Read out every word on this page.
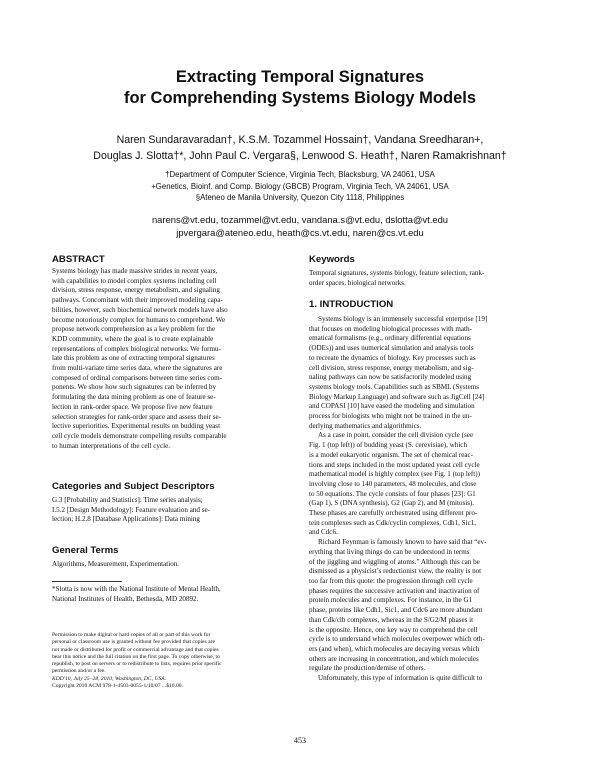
Extracting Temporal Signatures
for Comprehending Systems Biology Models
Naren Sundaravaradan†, K.S.M. Tozammel Hossain†, Vandana Sreedharan+,
Douglas J. Slotta†*, John Paul C. Vergara§, Lenwood S. Heath†, Naren Ramakrishnan†
†Department of Computer Science, Virginia Tech, Blacksburg, VA 24061, USA
+Genetics, Bioinf. and Comp. Biology (GBCB) Program, Virginia Tech, VA 24061, USA
§Ateneo de Manila University, Quezon City 1118, Philippines
narens@vt.edu, tozammel@vt.edu, vandana.s@vt.edu, dslotta@vt.edu
jpvergara@ateneo.edu, heath@cs.vt.edu, naren@cs.vt.edu
ABSTRACT
Systems biology has made massive strides in recent years,
with capabilities to model complex systems including cell
division, stress response, energy metabolism, and signaling
pathways. Concomitant with their improved modeling capa-
bilities, however, such biochemical network models have also
become notoriously complex for humans to comprehend. We
propose network comprehension as a key problem for the
KDD community, where the goal is to create explainable
representations of complex biological networks. We formu-
late this problem as one of extracting temporal signatures
from multi-variate time series data, where the signatures are
composed of ordinal comparisons between time series com-
ponents. We show how such signatures can be inferred by
formulating the data mining problem as one of feature se-
lection in rank-order space. We propose five new feature
selection strategies for rank-order space and assess their se-
lective superiorities. Experimental results on budding yeast
cell cycle models demonstrate compelling results comparable
to human interpretations of the cell cycle.
Categories and Subject Descriptors
G.3 [Probability and Statistics]: Time series analysis;
I.5.2 [Design Methodology]: Feature evaluation and se-
lection; H.2.8 [Database Applications]: Data mining
General Terms
Algorithms, Measurement, Experimentation.
*Slotta is now with the National Institute of Mental Health,
National Institutes of Health, Bethesda, MD 20892.
Permission to make digital or hard copies of all or part of this work for
personal or classroom use is granted without fee provided that copies are
not made or distributed for profit or commercial advantage and that copies
bear this notice and the full citation on the first page. To copy otherwise, to
republish, to post on servers or to redistribute to lists, requires prior specific
permission and/or a fee.
KDD'10, July 25–28, 2010, Washington, DC, USA.
Copyright 2010 ACM 978-1-4503-0055-1/10/07 ...$10.00.
Keywords
Temporal signatures, systems biology, feature selection, rank-
order spaces, biological networks.
1. INTRODUCTION
Systems biology is an immensely successful enterprise [19]
that focuses on modeling biological processes with math-
ematical formalisms (e.g., ordinary differential equations
(ODEs)) and uses numerical simulation and analysis tools
to recreate the dynamics of biology. Key processes such as
cell division, stress response, energy metabolism, and sig-
naling pathways can now be satisfactorily modeled using
systems biology tools. Capabilities such as SBML (Systems
Biology Markup Language) and software such as JigCell [24]
and COPASI [10] have eased the modeling and simulation
process for biologists who might not be trained in the un-
derlying mathematics and algorithmics.
As a case in point, consider the cell division cycle (see
Fig. 1 (top left)) of budding yeast (S. cerevisiae), which
is a model eukaryotic organism. The set of chemical reac-
tions and steps included in the most updated yeast cell cycle
mathematical model is highly complex (see Fig. 1 (top left))
involving close to 140 parameters, 48 molecules, and close
to 50 equations. The cycle consists of four phases [23]: G1
(Gap 1), S (DNA synthesis), G2 (Gap 2), and M (mitosis).
These phases are carefully orchestrated using different pro-
tein complexes such as Cdk/cyclin complexes, Cdh1, Sic1,
and Cdc6.
Richard Feynman is famously known to have said that “ev-
erything that living things do can be understood in terms
of the jiggling and wiggling of atoms.” Although this can be
dismissed as a physicist’s reductionist view, the reality is not
too far from this quote: the progression through cell cycle
phases requires the successive activation and inactivation of
protein molecules and complexes. For instance, in the G1
phase, proteins like Cdh1, Sic1, and Cdc6 are more abundant
than Cdk/clb complexes, whereas in the S/G2/M phases it
is the opposite. Hence, one key way to comprehend the cell
cycle is to understand which molecules overpower which oth-
ers (and when), which molecules are decaying versus which
others are increasing in concentration, and which molecules
regulate the production/demise of others.
Unfortunately, this type of information is quite difficult to
453
